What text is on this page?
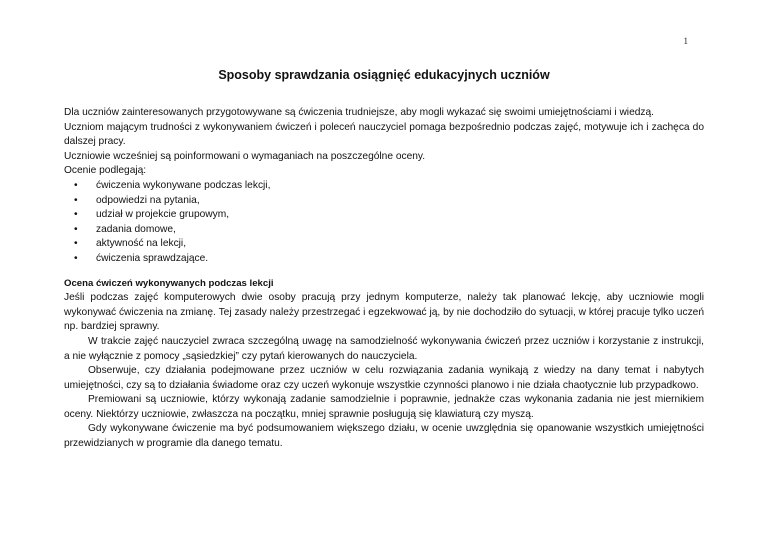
1
Sposoby sprawdzania osiągnięć edukacyjnych uczniów

Dla uczniów zainteresowanych przygotowywane są ćwiczenia trudniejsze, aby mogli wykazać się swoimi umiejętnościami i wiedzą.

Uczniom mającym trudności z wykonywaniem ćwiczeń i poleceń nauczyciel pomaga bezpośrednio podczas zajęć, motywuje ich i zachęca do dalszej pracy.

Uczniowie wcześniej są poinformowani o wymaganiach na poszczególne oceny.

Ocenie podlegają:

• ćwiczenia wykonywane podczas lekcji,
• odpowiedzi na pytania,
• udział w projekcie grupowym,
• zadania domowe,
• aktywność na lekcji,
• ćwiczenia sprawdzające.

Ocena ćwiczeń wykonywanych podczas lekcji

Jeśli podczas zajęć komputerowych dwie osoby pracują przy jednym komputerze, należy tak planować lekcję, aby uczniowie mogli wykonywać ćwiczenia na zmianę. Tej zasady należy przestrzegać i egzekwować ją, by nie dochodziło do sytuacji, w której pracuje tylko uczeń np. bardziej sprawny.

W trakcie zajęć nauczyciel zwraca szczególną uwagę na samodzielność wykonywania ćwiczeń przez uczniów i korzystanie z instrukcji, a nie wyłącznie z pomocy „sąsiedzkiej” czy pytań kierowanych do nauczyciela.

Obserwuje, czy działania podejmowane przez uczniów w celu rozwiązania zadania wynikają z wiedzy na dany temat i nabytych umiejętności, czy są to działania świadome oraz czy uczeń wykonuje wszystkie czynności planowo i nie działa chaotycznie lub przypadkowo.

Premiowani są uczniowie, którzy wykonają zadanie samodzielnie i poprawnie, jednakże czas wykonania zadania nie jest miernikiem oceny. Niektórzy uczniowie, zwłaszcza na początku, mniej sprawnie posługują się klawiaturą czy myszą.

Gdy wykonywane ćwiczenie ma być podsumowaniem większego działu, w ocenie uwzględnia się opanowanie wszystkich umiejętności przewidzianych w programie dla danego tematu.
